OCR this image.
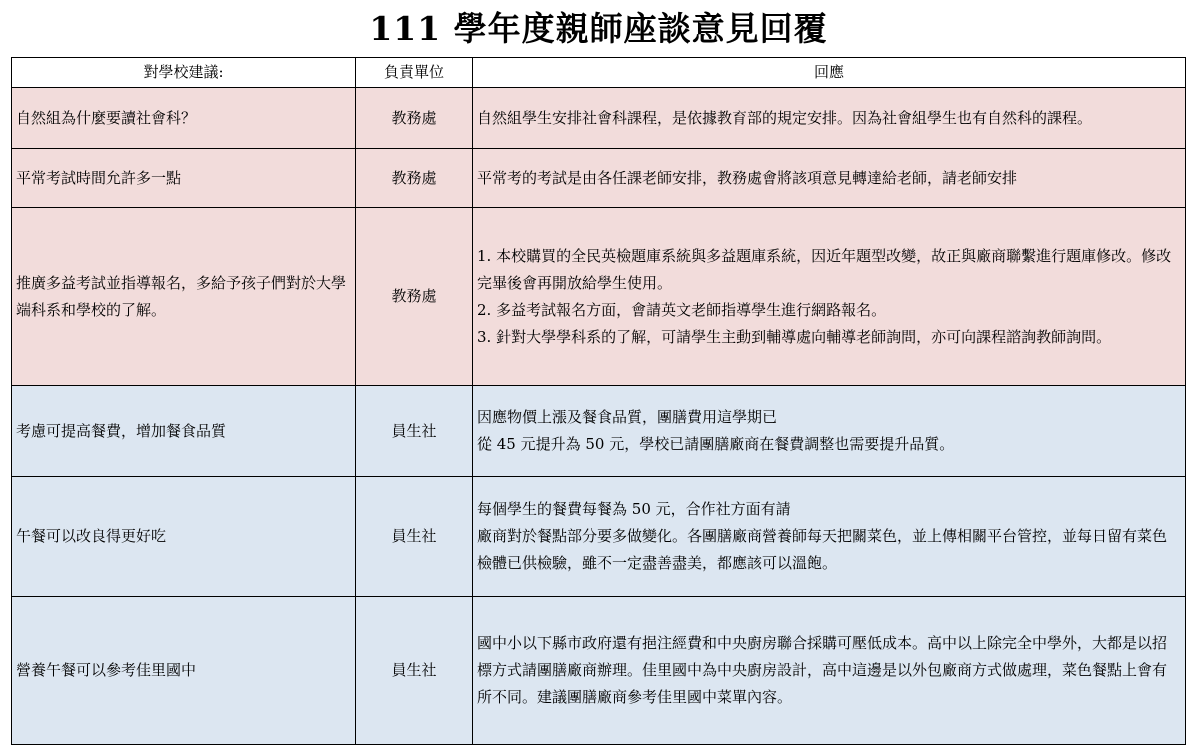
111 學年度親師座談意見回覆
對學校建議:	負責單位	回應
自然組為什麼要讀社會科？	教務處	自然組學生安排社會科課程，是依據教育部的規定安排。因為社會組學生也有自然科的課程。

平常考試時間允許多一點	教務處	平常考的考試是由各任課老師安排，教務處會將該項意見轉達給老師，請老師安排

推廣多益考試並指導報名，多給予孩子們對於大學端科系和學校的了解。	教務處	1. 本校購買的全民英檢題庫系統與多益題庫系統，因近年題型改變，故正與廠商聯繫進行題庫修改。修改完畢後會再開放給學生使用。
2. 多益考試報名方面，會請英文老師指導學生進行網路報名。
3. 針對大學學科系的了解，可請學生主動到輔導處向輔導老師詢問，亦可向課程諮詢教師詢問。

考慮可提高餐費，增加餐食品質	員生社	因應物價上漲及餐食品質，團膳費用這學期已
從 45 元提升為 50 元，學校已請團膳廠商在餐費調整也需要提升品質。

午餐可以改良得更好吃	員生社	每個學生的餐費每餐為 50 元，合作社方面有請
廠商對於餐點部分要多做變化。各團膳廠商營養師每天把關菜色，並上傳相關平台管控，並每日留有菜色檢體已供檢驗，雖不一定盡善盡美，都應該可以溫飽。

營養午餐可以參考佳里國中	員生社	國中小以下縣市政府還有挹注經費和中央廚房聯合採購可壓低成本。高中以上除完全中學外，大都是以招標方式請團膳廠商辦理。佳里國中為中央廚房設計，高中這邊是以外包廠商方式做處理，菜色餐點上會有所不同。建議團膳廠商參考佳里國中菜單內容。
